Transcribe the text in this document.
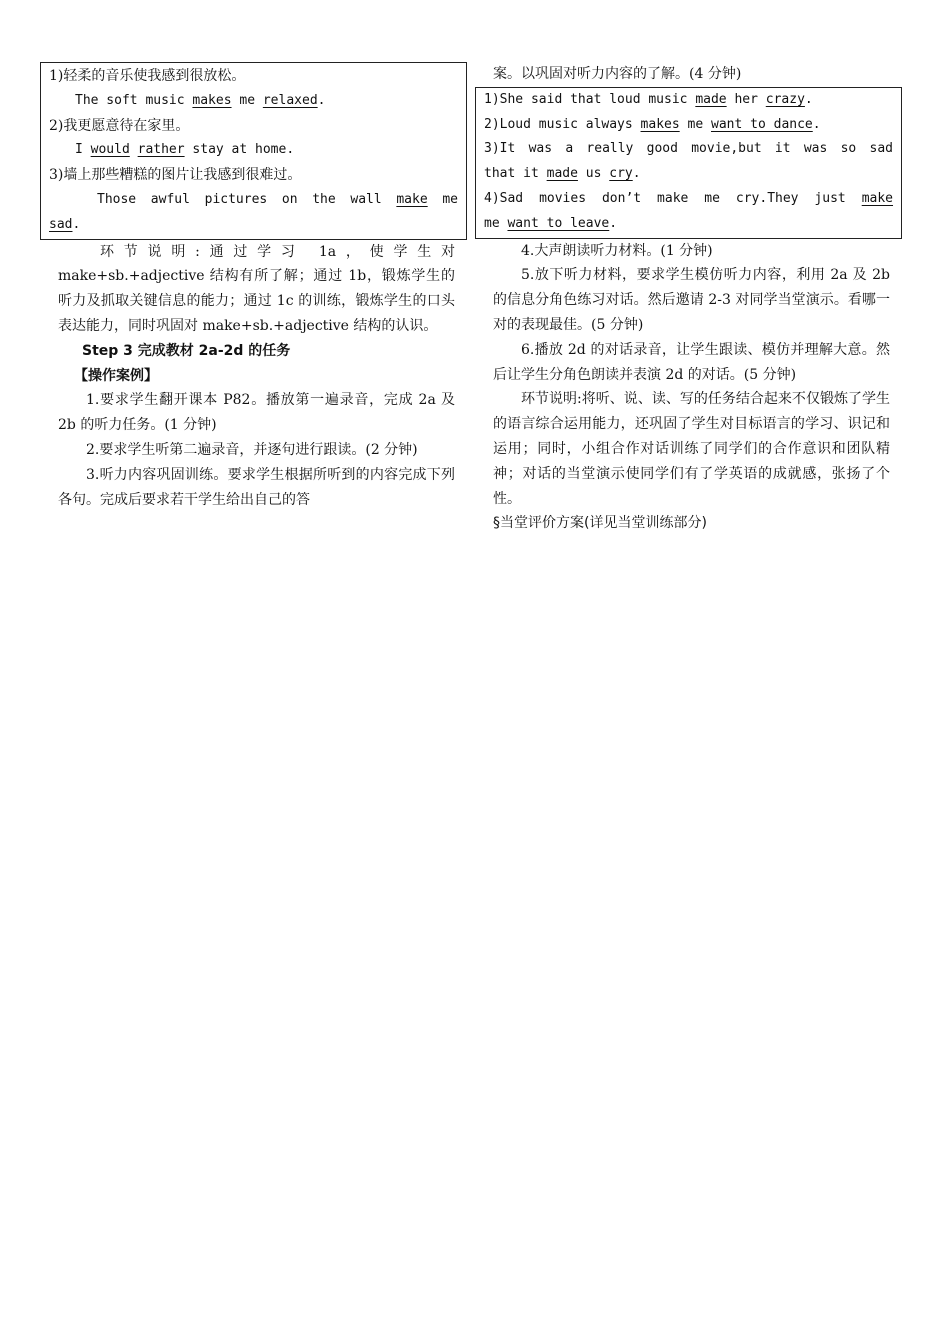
1)轻柔的音乐使我感到很放松。

The soft music makes me relaxed.

2)我更愿意待在家里。

I would rather stay at home.

3)墙上那些糟糕的图片让我感到很难过。

Those awful pictures on the wall make me

sad.

环节说明:通过学习 1a，使学生对 make+sb.+adjective 结构有所了解；通过 1b，锻炼学生的听力及抓取关键信息的能力；通过 1c 的训练，锻炼学生的口头表达能力，同时巩固对 make+sb.+adjective 结构的认识。

Step 3 完成教材 2a-2d 的任务

【操作案例】

1.要求学生翻开课本 P82。播放第一遍录音，完成 2a 及 2b 的听力任务。(1 分钟)

2.要求学生听第二遍录音，并逐句进行跟读。(2 分钟)

3.听力内容巩固训练。要求学生根据所听到的内容完成下列各句。完成后要求若干学生给出自己的答

案。以巩固对听力内容的了解。(4 分钟)

1)She said that loud music made her crazy.

2)Loud music always makes me want to dance.

3)It was a really good movie,but it was so sad

that it made us cry.

4)Sad movies don’t make me cry.They just make

me want to leave.

4.大声朗读听力材料。(1 分钟)

5.放下听力材料，要求学生模仿听力内容，利用 2a 及 2b 的信息分角色练习对话。然后邀请 2-3 对同学当堂演示。看哪一对的表现最佳。(5 分钟)

6.播放 2d 的对话录音，让学生跟读、模仿并理解大意。然后让学生分角色朗读并表演 2d 的对话。(5 分钟)

环节说明:将听、说、读、写的任务结合起来不仅锻炼了学生的语言综合运用能力，还巩固了学生对目标语言的学习、识记和运用；同时，小组合作对话训练了同学们的合作意识和团队精神；对话的当堂演示使同学们有了学英语的成就感，张扬了个性。

§当堂评价方案(详见当堂训练部分)
